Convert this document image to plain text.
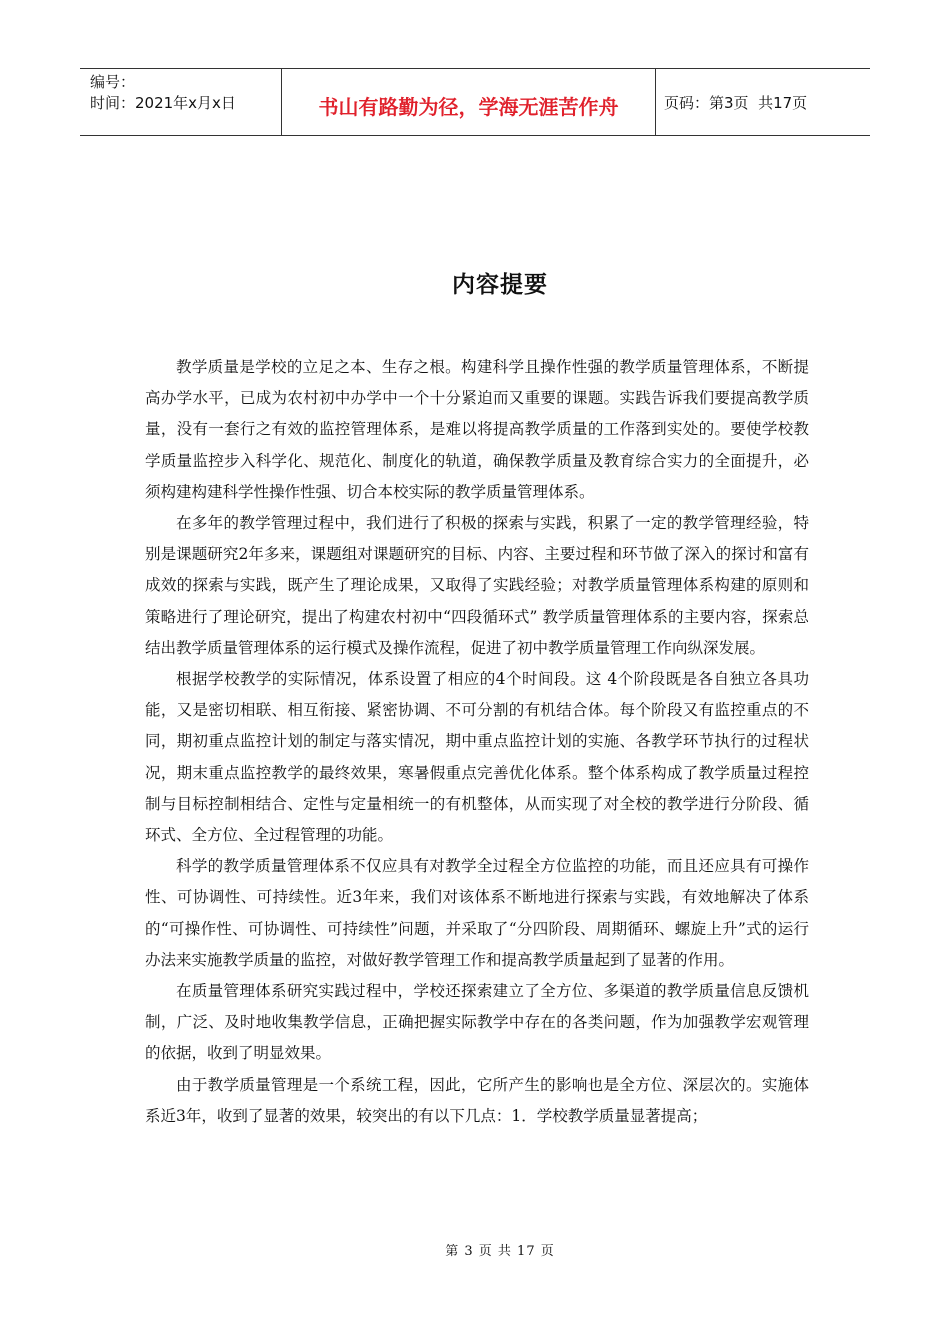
编号：
时间：2021年x月x日	书山有路勤为径，学海无涯苦作舟	页码：第3页  共17页
内容提要

教学质量是学校的立足之本、生存之根。构建科学且操作性强的教学质量管理体系，不断提高办学水平，已成为农村初中办学中一个十分紧迫而又重要的课题。实践告诉我们要提高教学质量，没有一套行之有效的监控管理体系，是难以将提高教学质量的工作落到实处的。要使学校教学质量监控步入科学化、规范化、制度化的轨道，确保教学质量及教育综合实力的全面提升，必须构建构建科学性操作性强、切合本校实际的教学质量管理体系。

在多年的教学管理过程中，我们进行了积极的探索与实践，积累了一定的教学管理经验，特别是课题研究2年多来，课题组对课题研究的目标、内容、主要过程和环节做了深入的探讨和富有成效的探索与实践，既产生了理论成果，又取得了实践经验；对教学质量管理体系构建的原则和策略进行了理论研究，提出了构建农村初中“四段循环式” 教学质量管理体系的主要内容，探索总结出教学质量管理体系的运行模式及操作流程，促进了初中教学质量管理工作向纵深发展。

根据学校教学的实际情况，体系设置了相应的4个时间段。这 4个阶段既是各自独立各具功能，又是密切相联、相互衔接、紧密协调、不可分割的有机结合体。每个阶段又有监控重点的不同，期初重点监控计划的制定与落实情况，期中重点监控计划的实施、各教学环节执行的过程状况，期末重点监控教学的最终效果，寒暑假重点完善优化体系。整个体系构成了教学质量过程控制与目标控制相结合、定性与定量相统一的有机整体，从而实现了对全校的教学进行分阶段、循环式、全方位、全过程管理的功能。

科学的教学质量管理体系不仅应具有对教学全过程全方位监控的功能，而且还应具有可操作性、可协调性、可持续性。近3年来，我们对该体系不断地进行探索与实践，有效地解决了体系的“可操作性、可协调性、可持续性”问题，并采取了“分四阶段、周期循环、螺旋上升”式的运行办法来实施教学质量的监控，对做好教学管理工作和提高教学质量起到了显著的作用。

在质量管理体系研究实践过程中，学校还探索建立了全方位、多渠道的教学质量信息反馈机制，广泛、及时地收集教学信息，正确把握实际教学中存在的各类问题，作为加强教学宏观管理的依据，收到了明显效果。

由于教学质量管理是一个系统工程，因此，它所产生的影响也是全方位、深层次的。实施体系近3年，收到了显著的效果，较突出的有以下几点：1．学校教学质量显著提高；

第 3 页 共 17 页
